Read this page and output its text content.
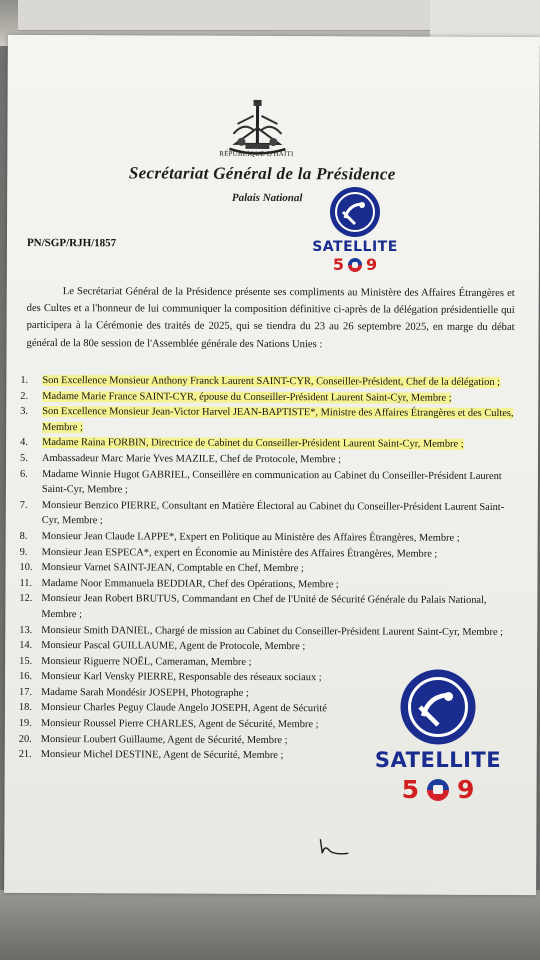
RÉPUBLIQUE D'HAÏTI
Secrétariat Général de la Présidence
Palais National
PN/SGP/RJH/1857

Le Secrétariat Général de la Présidence présente ses compliments au Ministère des Affaires Étrangères et des Cultes et a l'honneur de lui communiquer la composition définitive ci-après de la délégation présidentielle qui participera à la Cérémonie des traités de 2025, qui se tiendra du 23 au 26 septembre 2025, en marge du débat général de la 80e session de l'Assemblée générale des Nations Unies :

1.	Son Excellence Monsieur Anthony Franck Laurent SAINT-CYR, Conseiller-Président, Chef de la délégation ;
2.	Madame Marie France SAINT-CYR, épouse du Conseiller-Président Laurent Saint-Cyr, Membre ;
3.	Son Excellence Monsieur Jean-Victor Harvel JEAN-BAPTISTE*, Ministre des Affaires Étrangères et des Cultes, Membre ;
4.	Madame Raina FORBIN, Directrice de Cabinet du Conseiller-Président Laurent Saint-Cyr, Membre ;
5.	Ambassadeur Marc Marie Yves MAZILE, Chef de Protocole, Membre ;
6.	Madame Winnie Hugot GABRIEL, Conseillère en communication au Cabinet du Conseiller-Président Laurent Saint-Cyr, Membre ;
7.	Monsieur Benzico PIERRE, Consultant en Matière Électoral au Cabinet du Conseiller-Président Laurent Saint-Cyr, Membre ;
8.	Monsieur Jean Claude LAPPE*, Expert en Politique au Ministère des Affaires Étrangères, Membre ;
9.	Monsieur Jean ESPECA*, expert en Économie au Ministère des Affaires Étrangères, Membre ;
10. Monsieur Varnet SAINT-JEAN, Comptable en Chef, Membre ;
11. Madame Noor Emmanuela BEDDIAR, Chef des Opérations, Membre ;
12. Monsieur Jean Robert BRUTUS, Commandant en Chef de l'Unité de Sécurité Générale du Palais National, Membre ;
13. Monsieur Smith DANIEL, Chargé de mission au Cabinet du Conseiller-Président Laurent Saint-Cyr, Membre ;
14. Monsieur Pascal GUILLAUME, Agent de Protocole, Membre ;
15. Monsieur Riguerre NOËL, Cameraman, Membre ;
16. Monsieur Karl Vensky PIERRE, Responsable des réseaux sociaux ;
17. Madame Sarah Mondésir JOSEPH, Photographe ;
18. Monsieur Charles Peguy Claude Angelo JOSEPH, Agent de Sécurité
19. Monsieur Roussel Pierre CHARLES, Agent de Sécurité, Membre ;
20. Monsieur Loubert Guillaume, Agent de Sécurité, Membre ;
21. Monsieur Michel DESTINE, Agent de Sécurité, Membre ;
SATELLITE
5 9
SATELLITE
5 9
